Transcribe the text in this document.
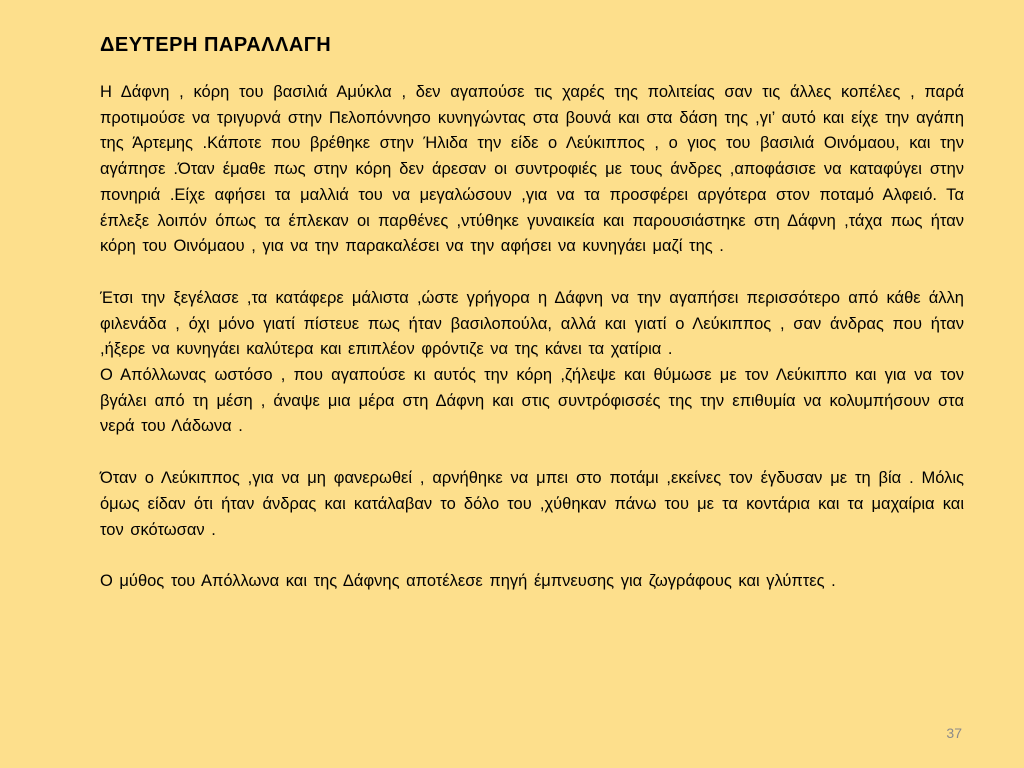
ΔΕΥΤΕΡΗ ΠΑΡΑΛΛΑΓΗ

Η Δάφνη , κόρη του βασιλιά Αμύκλα , δεν αγαπούσε τις χαρές της πολιτείας σαν τις άλλες κοπέλες , παρά προτιμούσε να τριγυρνά στην Πελοπόννησο κυνηγώντας στα βουνά και στα δάση της ,γι’ αυτό και είχε την αγάπη της Άρτεμης .Κάποτε που βρέθηκε στην Ήλιδα την είδε ο Λεύκιππος , ο γιος του βασιλιά Οινόμαου, και την αγάπησε .Όταν έμαθε πως στην κόρη δεν άρεσαν οι συντροφιές με τους άνδρες ,αποφάσισε να καταφύγει στην πονηριά .Είχε αφήσει τα μαλλιά του να μεγαλώσουν ,για να τα προσφέρει αργότερα στον ποταμό Αλφειό. Τα έπλεξε λοιπόν όπως τα έπλεκαν οι παρθένες ,ντύθηκε γυναικεία και παρουσιάστηκε στη Δάφνη ,τάχα πως ήταν κόρη του Οινόμαου , για να την παρακαλέσει να την αφήσει να κυνηγάει μαζί της .

Έτσι την ξεγέλασε ,τα κατάφερε μάλιστα ,ώστε γρήγορα η Δάφνη να την αγαπήσει περισσότερο από κάθε άλλη φιλενάδα , όχι μόνο γιατί πίστευε πως ήταν βασιλοπούλα, αλλά και γιατί ο Λεύκιππος , σαν άνδρας που ήταν ,ήξερε να κυνηγάει καλύτερα και επιπλέον φρόντιζε να της κάνει τα χατίρια .

Ο Απόλλωνας ωστόσο , που αγαπούσε κι αυτός την κόρη ,ζήλεψε και θύμωσε με τον Λεύκιππο και για να τον βγάλει από τη μέση , άναψε μια μέρα στη Δάφνη και στις συντρόφισσές της την επιθυμία να κολυμπήσουν στα νερά του Λάδωνα .

Όταν ο Λεύκιππος ,για να μη φανερωθεί , αρνήθηκε να μπει στο ποτάμι ,εκείνες τον έγδυσαν με τη βία . Μόλις όμως είδαν ότι ήταν άνδρας και κατάλαβαν το δόλο του ,χύθηκαν πάνω του με τα κοντάρια και τα μαχαίρια και τον σκότωσαν .

Ο μύθος του Απόλλωνα και της Δάφνης αποτέλεσε πηγή έμπνευσης για ζωγράφους και γλύπτες .

37
